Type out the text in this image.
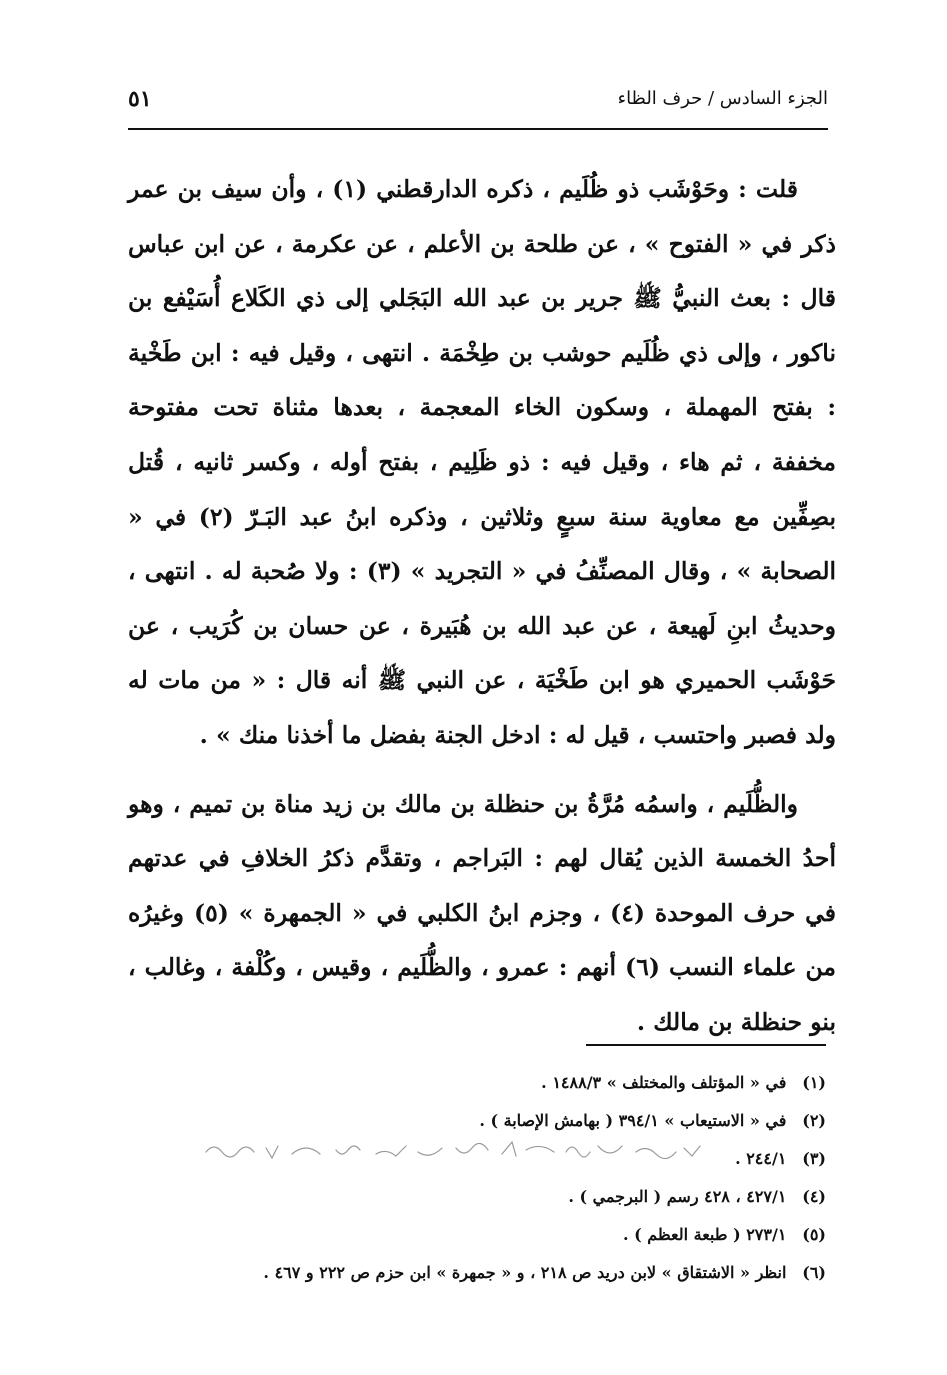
٥١	الجزء السادس / حرف الظاء

قلت : وحَوْشَب ذو ظُلَيم ، ذكره الدارقطني (١) ، وأن سيف بن عمر ذكر في « الفتوح » ، عن طلحة بن الأعلم ، عن عكرمة ، عن ابن عباس قال : بعث النبيُّ ﷺ جرير بن عبد الله البَجَلي إلى ذي الكَلاع أُسَيْفع بن ناكور ، وإلى ذي ظُلَيم حوشب بن طِخْمَة . انتهى ، وقيل فيه : ابن طَخْية : بفتح المهملة ، وسكون الخاء المعجمة ، بعدها مثناة تحت مفتوحة مخففة ، ثم هاء ، وقيل فيه : ذو ظَلِيم ، بفتح أوله ، وكسر ثانيه ، قُتل بصِفِّين مع معاوية سنة سبعٍ وثلاثين ، وذكره ابنُ عبد البَـرّ (٢) في « الصحابة » ، وقال المصنِّفُ في « التجريد » (٣) : ولا صُحبة له . انتهى ، وحديثُ ابنِ لَهيعة ، عن عبد الله بن هُبَيرة ، عن حسان بن كُرَيب ، عن حَوْشَب الحميري هو ابن طَخْيَة ، عن النبي ﷺ أنه قال : « من مات له ولد فصبر واحتسب ، قيل له : ادخل الجنة بفضل ما أخذنا منك » .

والظُّلَيم ، واسمُه مُرَّةُ بن حنظلة بن مالك بن زيد مناة بن تميم ، وهو أحدُ الخمسة الذين يُقال لهم : البَراجم ، وتقدَّم ذكرُ الخلافِ في عدتهم في حرف الموحدة (٤) ، وجزم ابنُ الكلبي في « الجمهرة » (٥) وغيرُه من علماء النسب (٦) أنهم : عمرو ، والظُّلَيم ، وقيس ، وكُلْفة ، وغالب ، بنو حنظلة بن مالك .

(١) في « المؤتلف والمختلف » ١٤٨٨/٣ .
(٢) في « الاستيعاب » ٣٩٤/١ ( بهامش الإصابة ) .
(٣) ٢٤٤/١ .
(٤) ٤٢٧/١ ، ٤٢٨ رسم ( البرجمي ) .
(٥) ٢٧٣/١ ( طبعة العظم ) .
(٦) انظر « الاشتقاق » لابن دريد ص ٢١٨ ، و « جمهرة » ابن حزم ص ٢٢٢ و ٤٦٧ .
